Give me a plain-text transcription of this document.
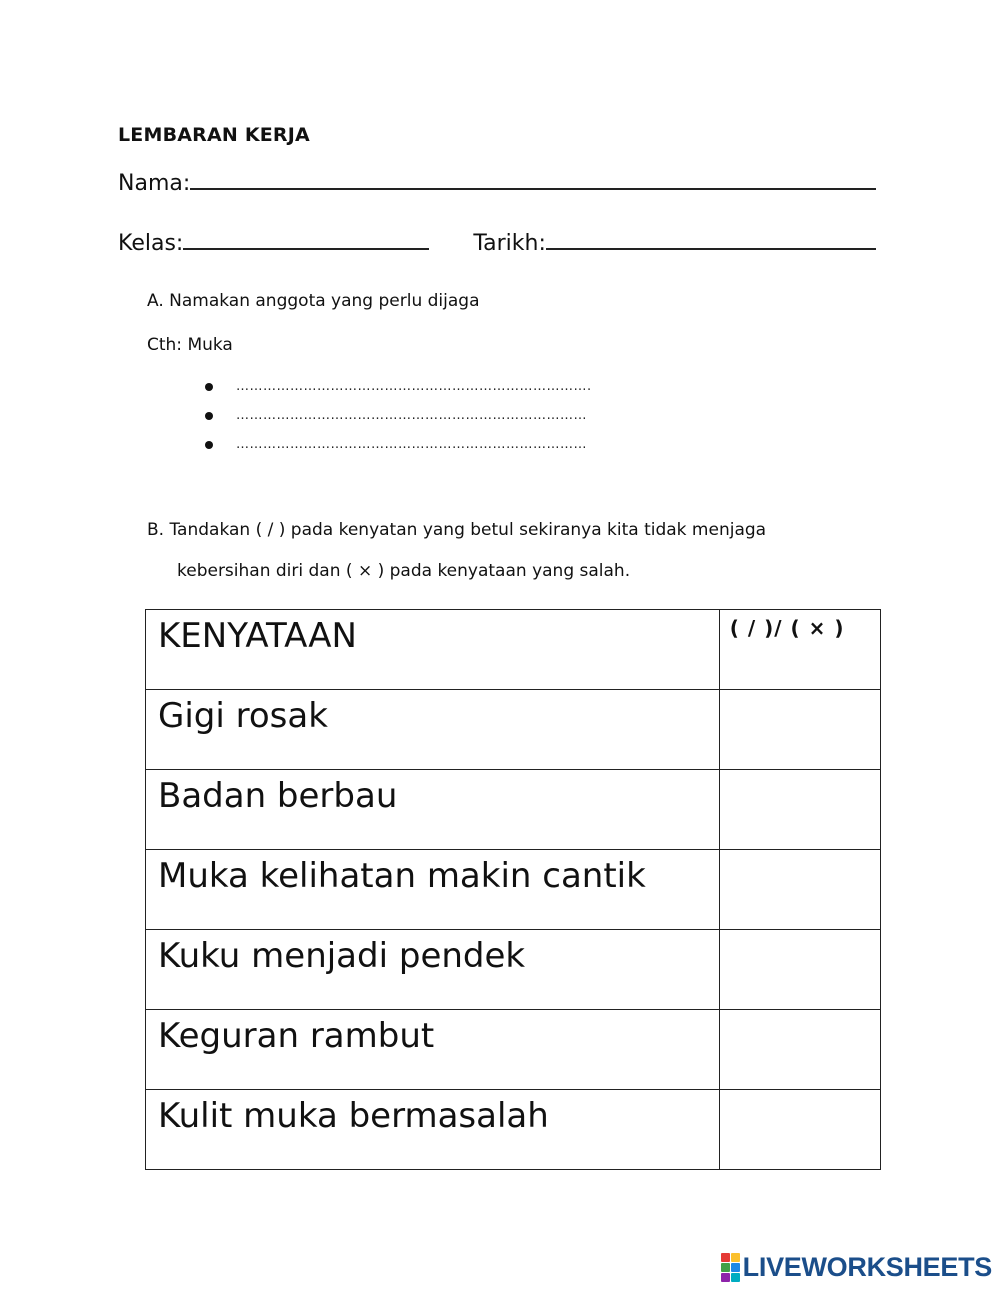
LEMBARAN KERJA
Nama:
Kelas:	Tarikh:
A. Namakan anggota yang perlu dijaga
Cth: Muka
…………………………………………………………………….
……………………………………………………………………
……………………………………………………………………
B. Tandakan ( / ) pada kenyatan yang betul sekiranya kita tidak menjaga
kebersihan diri dan ( × ) pada kenyataan yang salah.
KENYATAAN	( / )/ ( × )

Gigi rosak	
Badan berbau	
Muka kelihatan makin cantik	
Kuku menjadi pendek	
Keguran rambut	
Kulit muka bermasalah	
LIVEWORKSHEETS
